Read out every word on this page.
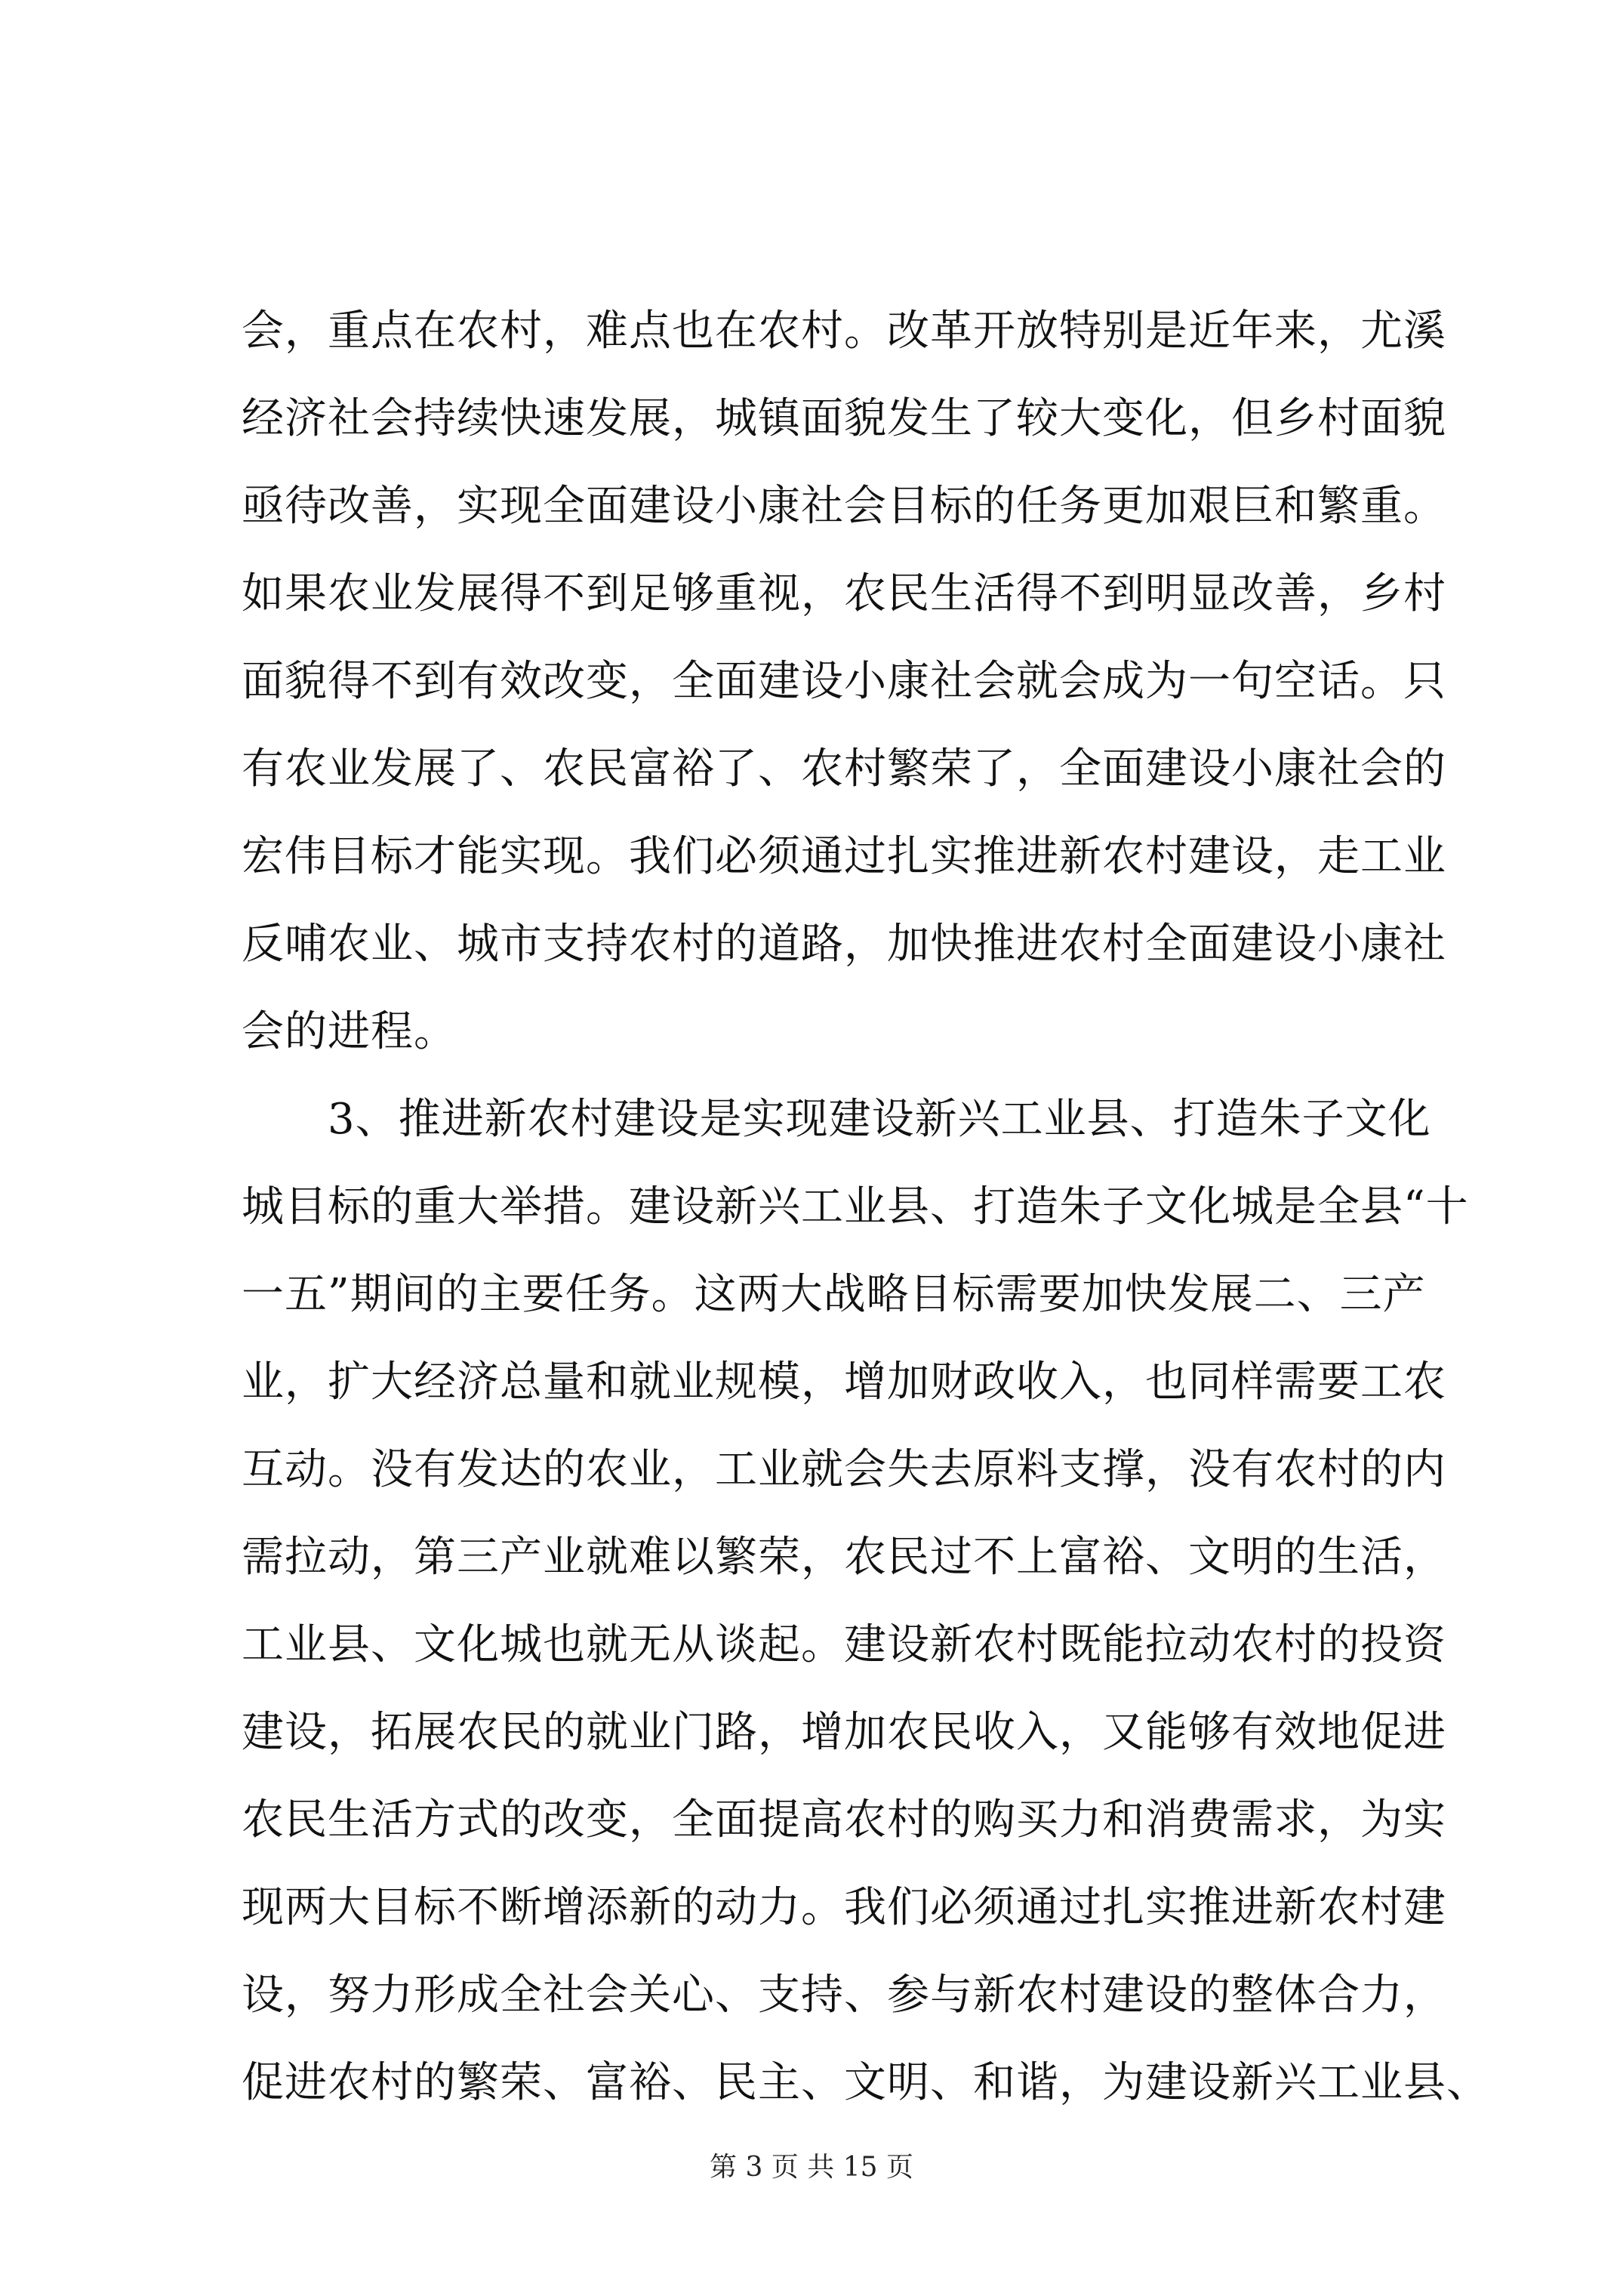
会，重点在农村，难点也在农村。改革开放特别是近年来，尤溪
经济社会持续快速发展，城镇面貌发生了较大变化，但乡村面貌
亟待改善，实现全面建设小康社会目标的任务更加艰巨和繁重。
如果农业发展得不到足够重视，农民生活得不到明显改善，乡村
面貌得不到有效改变，全面建设小康社会就会成为一句空话。只
有农业发展了、农民富裕了、农村繁荣了，全面建设小康社会的
宏伟目标才能实现。我们必须通过扎实推进新农村建设，走工业
反哺农业、城市支持农村的道路，加快推进农村全面建设小康社
会的进程。
　　3、推进新农村建设是实现建设新兴工业县、打造朱子文化
城目标的重大举措。建设新兴工业县、打造朱子文化城是全县“十
一五”期间的主要任务。这两大战略目标需要加快发展二、三产
业，扩大经济总量和就业规模，增加财政收入，也同样需要工农
互动。没有发达的农业，工业就会失去原料支撑，没有农村的内
需拉动，第三产业就难以繁荣，农民过不上富裕、文明的生活，
工业县、文化城也就无从谈起。建设新农村既能拉动农村的投资
建设，拓展农民的就业门路，增加农民收入，又能够有效地促进
农民生活方式的改变，全面提高农村的购买力和消费需求，为实
现两大目标不断增添新的动力。我们必须通过扎实推进新农村建
设，努力形成全社会关心、支持、参与新农村建设的整体合力，
促进农村的繁荣、富裕、民主、文明、和谐，为建设新兴工业县、
第 3 页 共 15 页
